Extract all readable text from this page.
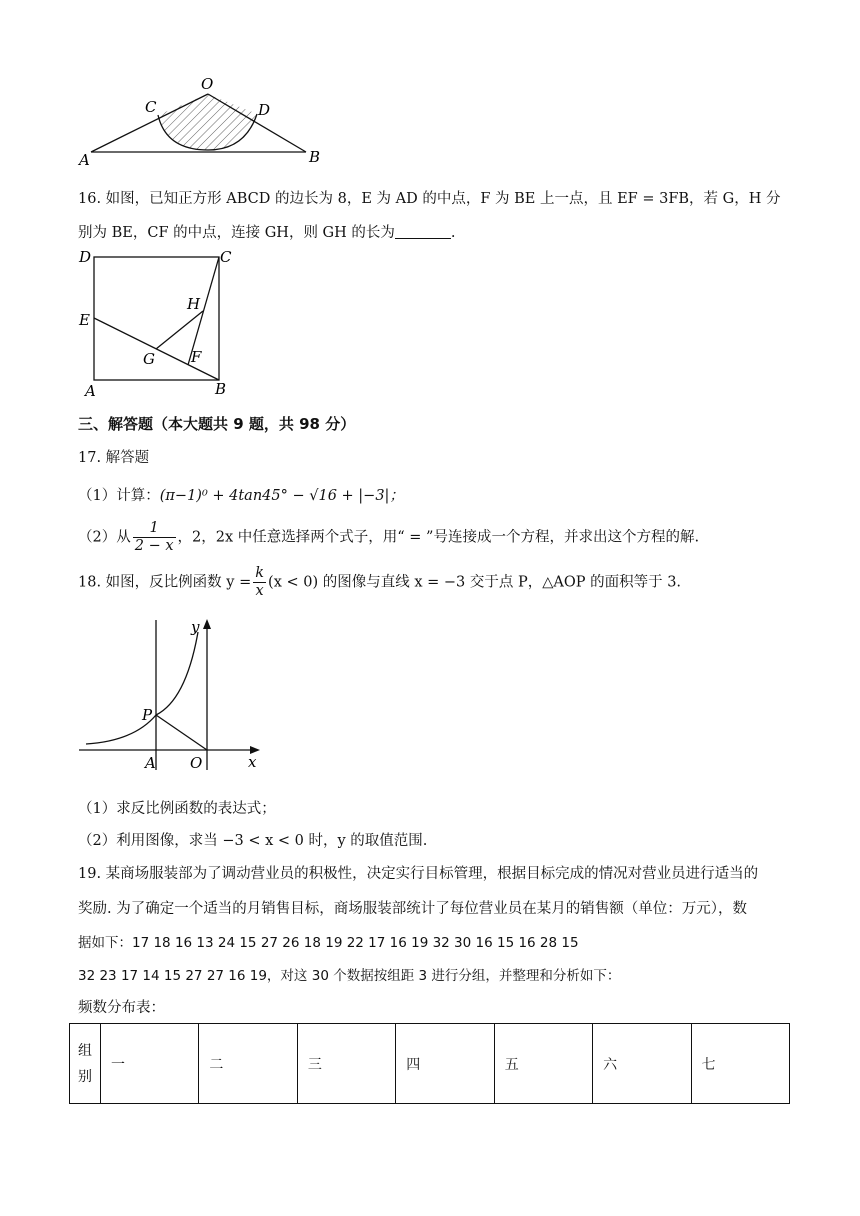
O
C	D
A	B
16. 如图，已知正方形 ABCD 的边长为 8，E 为 AD 的中点，F 为 BE 上一点，且 EF = 3FB，若 G，H 分
别为 BE，CF 的中点，连接 GH，则 GH 的长为	.
D	C
E
H
G F
A	B
三、解答题（本大题共 9 题，共 98 分）
17. 解答题
（1）计算：(π−1)⁰ + 4tan45° − √16 + |−3|；
（2）从 $\frac{1}{2 - x}$ ，2，2x 中任意选择两个式子，用“ = ”号连接成一个方程，并求出这个方程的解.
18. 如图，反比例函数 $y = \frac{k}{x} (x < 0)$ 的图像与直线 x = −3 交于点 P，△AOP 的面积等于 3.
y
P
A O	x
（1）求反比例函数的表达式；
（2）利用图像，求当 −3 < x < 0 时，y 的取值范围.
19. 某商场服装部为了调动营业员的积极性，决定实行目标管理，根据目标完成的情况对营业员进行适当的
奖励. 为了确定一个适当的月销售目标，商场服装部统计了每位营业员在某月的销售额（单位：万元），数
据如下：17 18 16 13 24 15 27 26 18 19 22 17 16 19 32 30 16 15 16 28 15
32 23 17 14 15 27 27 16 19，对这 30 个数据按组距 3 进行分组，并整理和分析如下：
频数分布表：
组别	一	二	三	四	五	六	七
